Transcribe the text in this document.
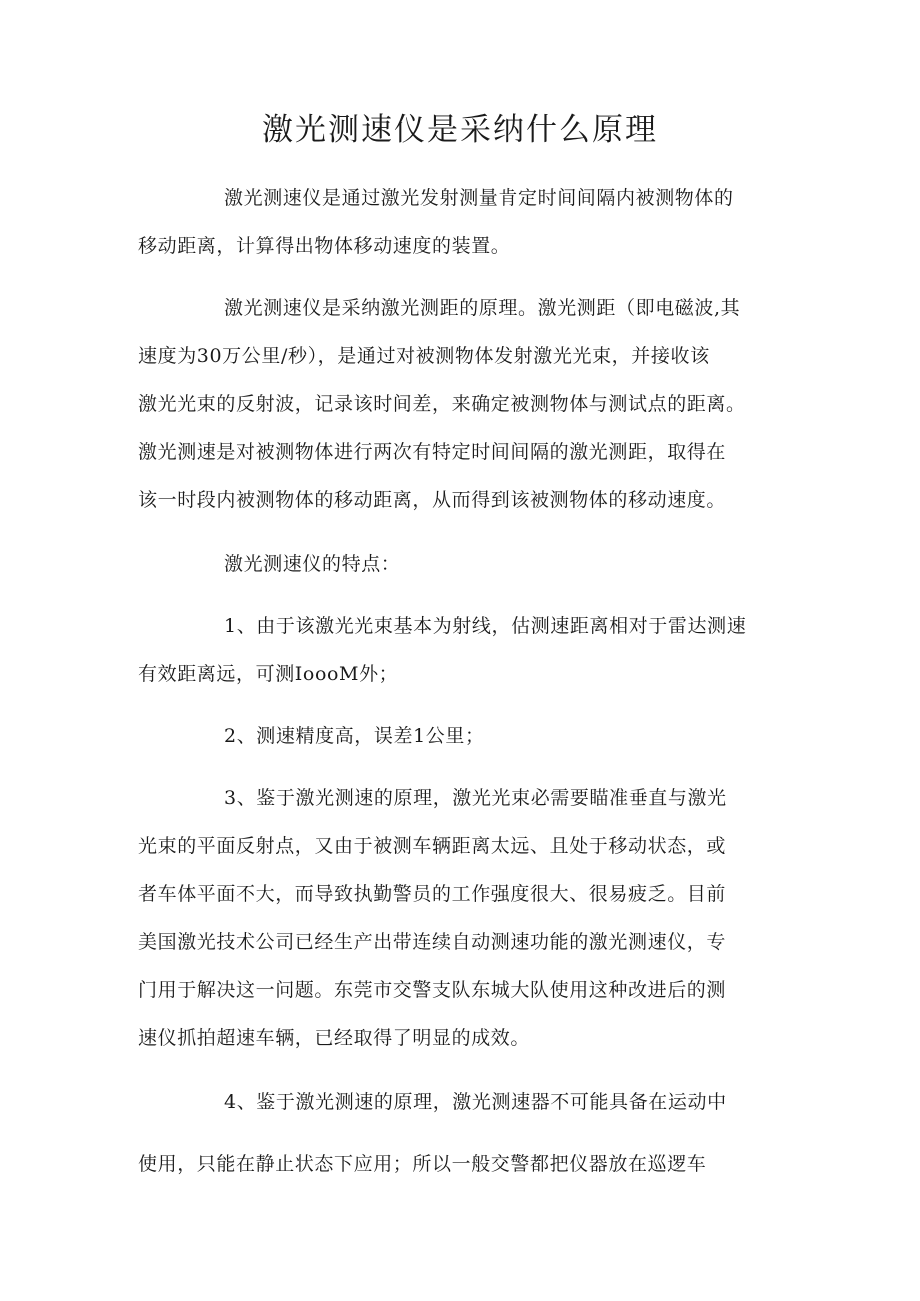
激光测速仪是采纳什么原理

激光测速仪是通过激光发射测量肯定时间间隔内被测物体的

移动距离，计算得出物体移动速度的装置。

激光测速仪是采纳激光测距的原理。激光测距（即电磁波,其

速度为30万公里/秒），是通过对被测物体发射激光光束，并接收该

激光光束的反射波，记录该时间差，来确定被测物体与测试点的距离。

激光测速是对被测物体进行两次有特定时间间隔的激光测距，取得在

该一时段内被测物体的移动距离，从而得到该被测物体的移动速度。

激光测速仪的特点：

1、由于该激光光束基本为射线，估测速距离相对于雷达测速

有效距离远，可测IoooM外；

2、测速精度高，误差1公里；

3、鉴于激光测速的原理，激光光束必需要瞄准垂直与激光

光束的平面反射点，又由于被测车辆距离太远、且处于移动状态，或

者车体平面不大，而导致执勤警员的工作强度很大、很易疲乏。目前

美国激光技术公司已经生产出带连续自动测速功能的激光测速仪，专

门用于解决这一问题。东莞市交警支队东城大队使用这种改进后的测

速仪抓拍超速车辆，已经取得了明显的成效。

4、鉴于激光测速的原理，激光测速器不可能具备在运动中

使用，只能在静止状态下应用；所以一般交警都把仪器放在巡逻车
